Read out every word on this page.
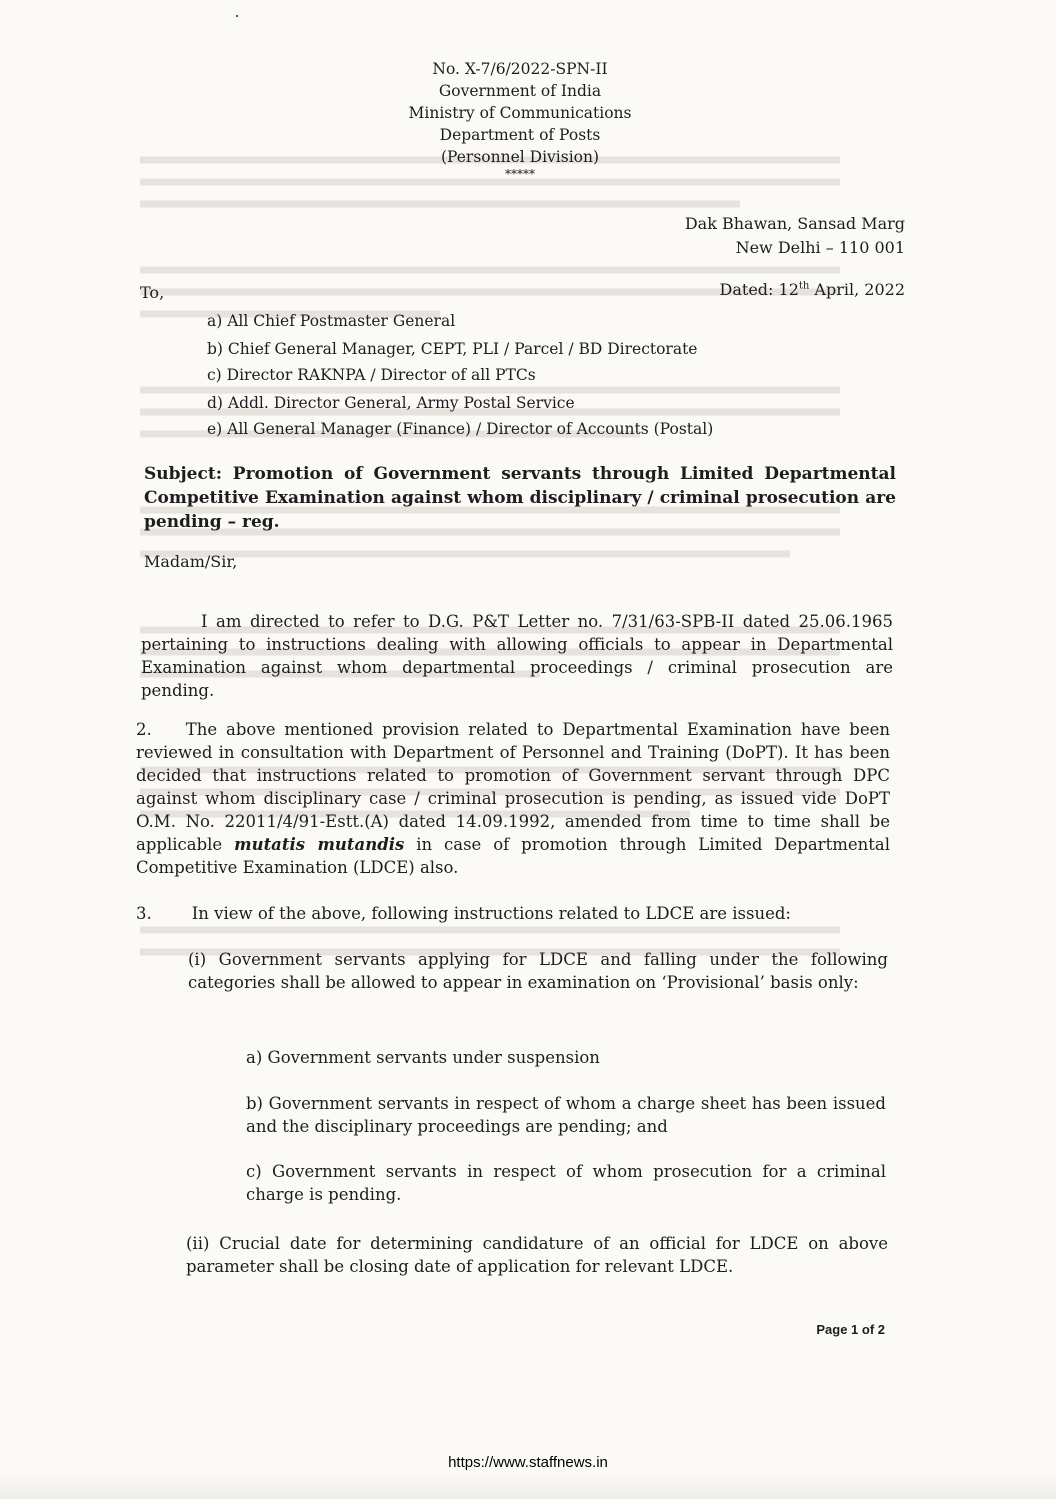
No. X-7/6/2022-SPN-II
Government of India
Ministry of Communications
Department of Posts
(Personnel Division)
*****
Dak Bhawan, Sansad Marg
New Delhi – 110 001
To,	Dated: 12th April, 2022
a) All Chief Postmaster General
b) Chief General Manager, CEPT, PLI / Parcel / BD Directorate
c) Director RAKNPA / Director of all PTCs
d) Addl. Director General, Army Postal Service
e) All General Manager (Finance) / Director of Accounts (Postal)
Subject: Promotion of Government servants through Limited Departmental Competitive Examination against whom disciplinary / criminal prosecution are pending – reg.
Madam/Sir,
I am directed to refer to D.G. P&T Letter no. 7/31/63-SPB-II dated 25.06.1965 pertaining to instructions dealing with allowing officials to appear in Departmental Examination against whom departmental proceedings / criminal prosecution are pending.
2. The above mentioned provision related to Departmental Examination have been reviewed in consultation with Department of Personnel and Training (DoPT). It has been decided that instructions related to promotion of Government servant through DPC against whom disciplinary case / criminal prosecution is pending, as issued vide DoPT O.M. No. 22011/4/91-Estt.(A) dated 14.09.1992, amended from time to time shall be applicable mutatis mutandis in case of promotion through Limited Departmental Competitive Examination (LDCE) also.
3. In view of the above, following instructions related to LDCE are issued:
(i) Government servants applying for LDCE and falling under the following categories shall be allowed to appear in examination on ‘Provisional’ basis only:
a) Government servants under suspension
b) Government servants in respect of whom a charge sheet has been issued and the disciplinary proceedings are pending; and
c) Government servants in respect of whom prosecution for a criminal charge is pending.
(ii) Crucial date for determining candidature of an official for LDCE on above parameter shall be closing date of application for relevant LDCE.
Page 1 of 2
https://www.staffnews.in
